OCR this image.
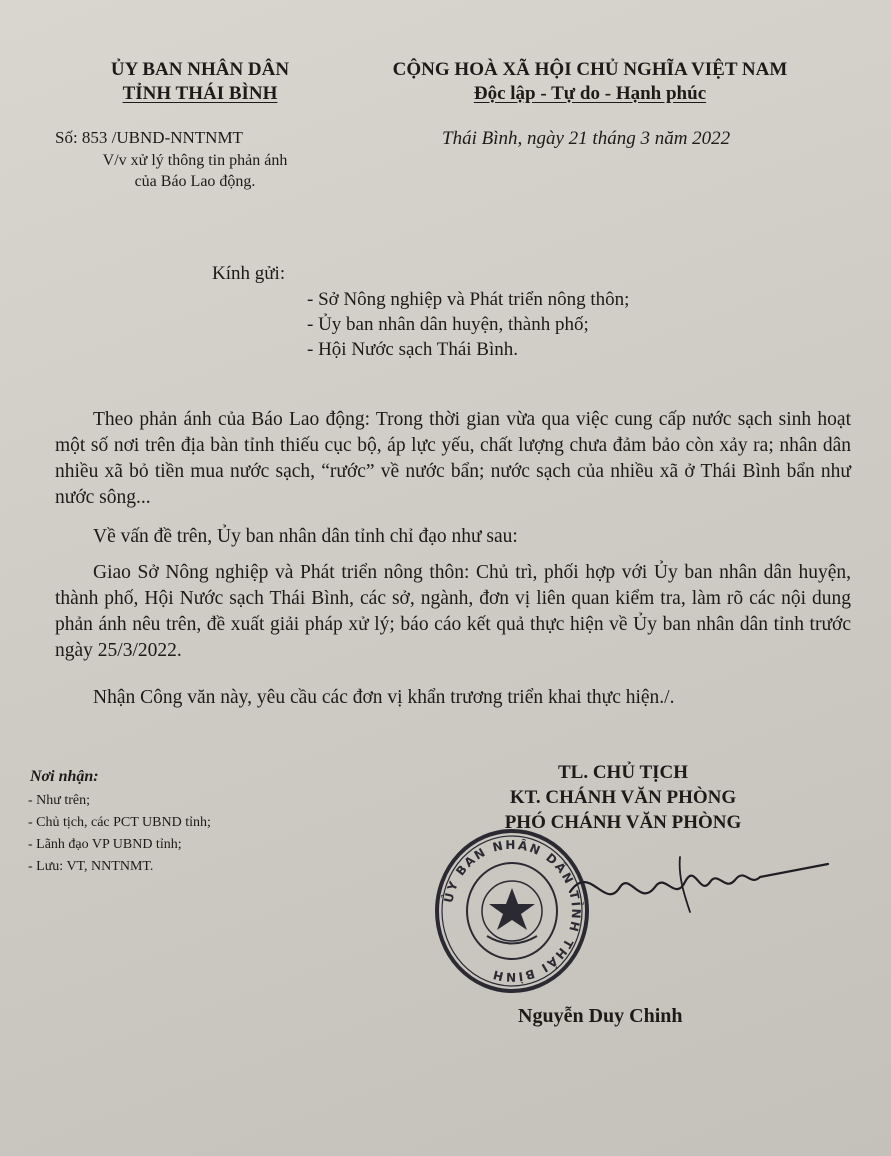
ỦY BAN NHÂN DÂN
TỈNH THÁI BÌNH
CỘNG HOÀ XÃ HỘI CHỦ NGHĨA VIỆT NAM
Độc lập - Tự do - Hạnh phúc
Số: 853 /UBND-NNTNMT
V/v xử lý thông tin phản ánh
của Báo Lao động.
Thái Bình, ngày 21 tháng 3 năm 2022
Kính gửi:
- Sở Nông nghiệp và Phát triển nông thôn;
- Ủy ban nhân dân huyện, thành phố;
- Hội Nước sạch Thái Bình.

Theo phản ánh của Báo Lao động: Trong thời gian vừa qua việc cung cấp nước sạch sinh hoạt một số nơi trên địa bàn tỉnh thiếu cục bộ, áp lực yếu, chất lượng chưa đảm bảo còn xảy ra; nhân dân nhiều xã bỏ tiền mua nước sạch, “rước” về nước bẩn; nước sạch của nhiều xã ở Thái Bình bẩn như nước sông...

Về vấn đề trên, Ủy ban nhân dân tỉnh chỉ đạo như sau:

Giao Sở Nông nghiệp và Phát triển nông thôn: Chủ trì, phối hợp với Ủy ban nhân dân huyện, thành phố, Hội Nước sạch Thái Bình, các sở, ngành, đơn vị liên quan kiểm tra, làm rõ các nội dung phản ánh nêu trên, đề xuất giải pháp xử lý; báo cáo kết quả thực hiện về Ủy ban nhân dân tỉnh trước ngày 25/3/2022.

Nhận Công văn này, yêu cầu các đơn vị khẩn trương triển khai thực hiện./.

Nơi nhận:
- Như trên;
- Chủ tịch, các PCT UBND tỉnh;
- Lãnh đạo VP UBND tỉnh;
- Lưu: VT, NNTNMT.
TL. CHỦ TỊCH
KT. CHÁNH VĂN PHÒNG
PHÓ CHÁNH VĂN PHÒNG
ỦY BAN NHÂN DÂN TỈNH THÁI BÌNH
Nguyễn Duy Chinh
